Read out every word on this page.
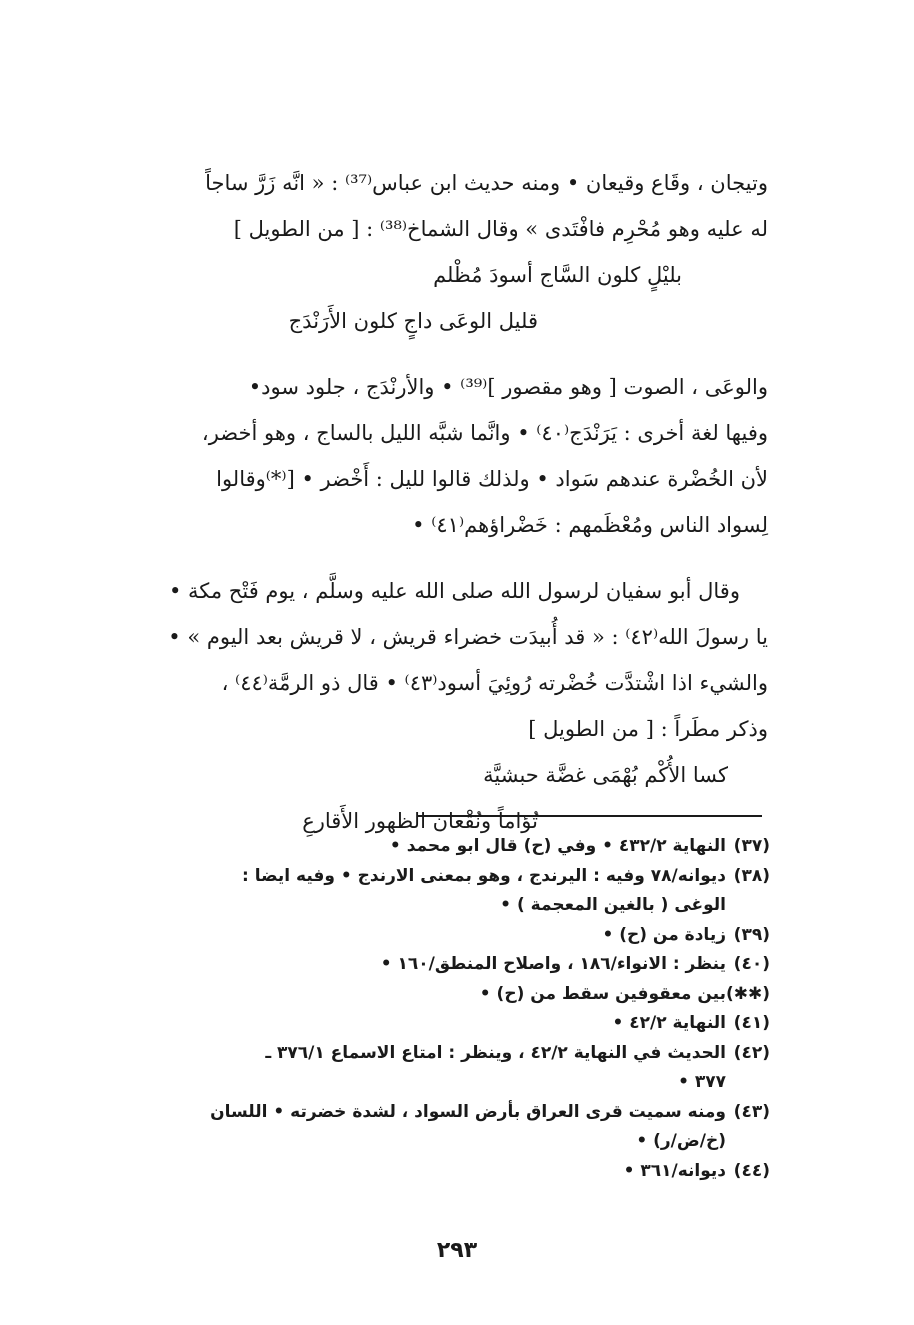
وتيجان ، وقَاع وقيعان • ومنه حديث ابن عباس⁽³⁷⁾ : « انَّه زَرَّ ساجاً
له عليه وهو مُحْرِم فافْتَدى » وقال الشماخ⁽³⁸⁾ : [ من الطويل ]
بليْلٍ كلون السَّاج أسودَ مُظْلم
قليل الوعَى داجٍ كلون الأَرَنْدَج
والوعَى ، الصوت [ وهو مقصور ]⁽³⁹⁾ • والأرنْدَج ، جلود سود•
وفيها لغة أخرى : يَرَنْدَج⁽٤٠⁾ • وانَّما شبَّه الليل بالساج ، وهو أخضر،
لأن الخُضْرة عندهم سَواد • ولذلك قالوا لليل : أَخْضر • [⁽*⁾وقالوا
لِسواد الناس ومُعْظَمهم : خَضْراؤهم⁽٤١⁾ •
وقال أبو سفيان لرسول الله صلى الله عليه وسلَّم ، يوم فَتْح مكة •
يا رسولَ الله⁽٤٢⁾ : « قد أُبيدَت خضراء قريش ، لا قريش بعد اليوم » •
والشيء اذا اشْتدَّت خُضْرته رُوئِيَ أسود⁽٤٣⁾ • قال ذو الرمَّة⁽٤٤⁾ ،
وذكر مطَراً : [ من الطويل ]
كسا الأُكْم بُهْمَى غضَّة حبشيَّة
تُؤاماً ونُقْعان الظهور الأَقارعِ
(٣٧)النهاية ٤٣٢/٢ • وفي (ح) قال ابو محمد •
(٣٨)ديوانه/٧٨ وفيه : اليرندج ، وهو بمعنى الارندج • وفيه ايضا :
الوغى ( بالغين المعجمة ) •
(٣٩)زيادة من (ح) •
(٤٠)ينظر : الانواء/١٨٦ ، واصلاح المنطق/١٦٠ •
(✱✱)بين معقوفين سقط من (ح) •
(٤١)النهاية ٤٢/٢ •
(٤٢)الحديث في النهاية ٤٢/٢ ، وينظر : امتاع الاسماع ٣٧٦/١ ـ
٣٧٧ •
(٤٣)ومنه سميت قرى العراق بأرض السواد ، لشدة خضرته • اللسان
(خ/ض/ر) •
(٤٤)ديوانه/٣٦١ •
٢٩٣
